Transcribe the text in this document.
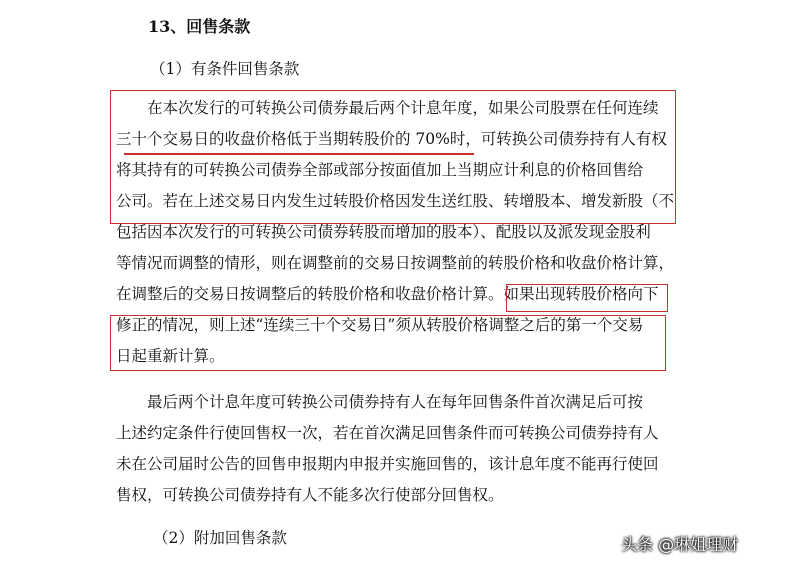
13、回售条款
（1）有条件回售条款
在本次发行的可转换公司债券最后两个计息年度，如果公司股票在任何连续
三十个交易日的收盘价格低于当期转股价的 70%时，可转换公司债券持有人有权
将其持有的可转换公司债券全部或部分按面值加上当期应计利息的价格回售给
公司。若在上述交易日内发生过转股价格因发生送红股、转增股本、增发新股（不
包括因本次发行的可转换公司债券转股而增加的股本）、配股以及派发现金股利
等情况而调整的情形，则在调整前的交易日按调整前的转股价格和收盘价格计算，
在调整后的交易日按调整后的转股价格和收盘价格计算。如果出现转股价格向下
修正的情况，则上述“连续三十个交易日”须从转股价格调整之后的第一个交易
日起重新计算。
最后两个计息年度可转换公司债券持有人在每年回售条件首次满足后可按
上述约定条件行使回售权一次，若在首次满足回售条件而可转换公司债券持有人
未在公司届时公告的回售申报期内申报并实施回售的，该计息年度不能再行使回
售权，可转换公司债券持有人不能多次行使部分回售权。
（2）附加回售条款	头条 @琳姐理财
